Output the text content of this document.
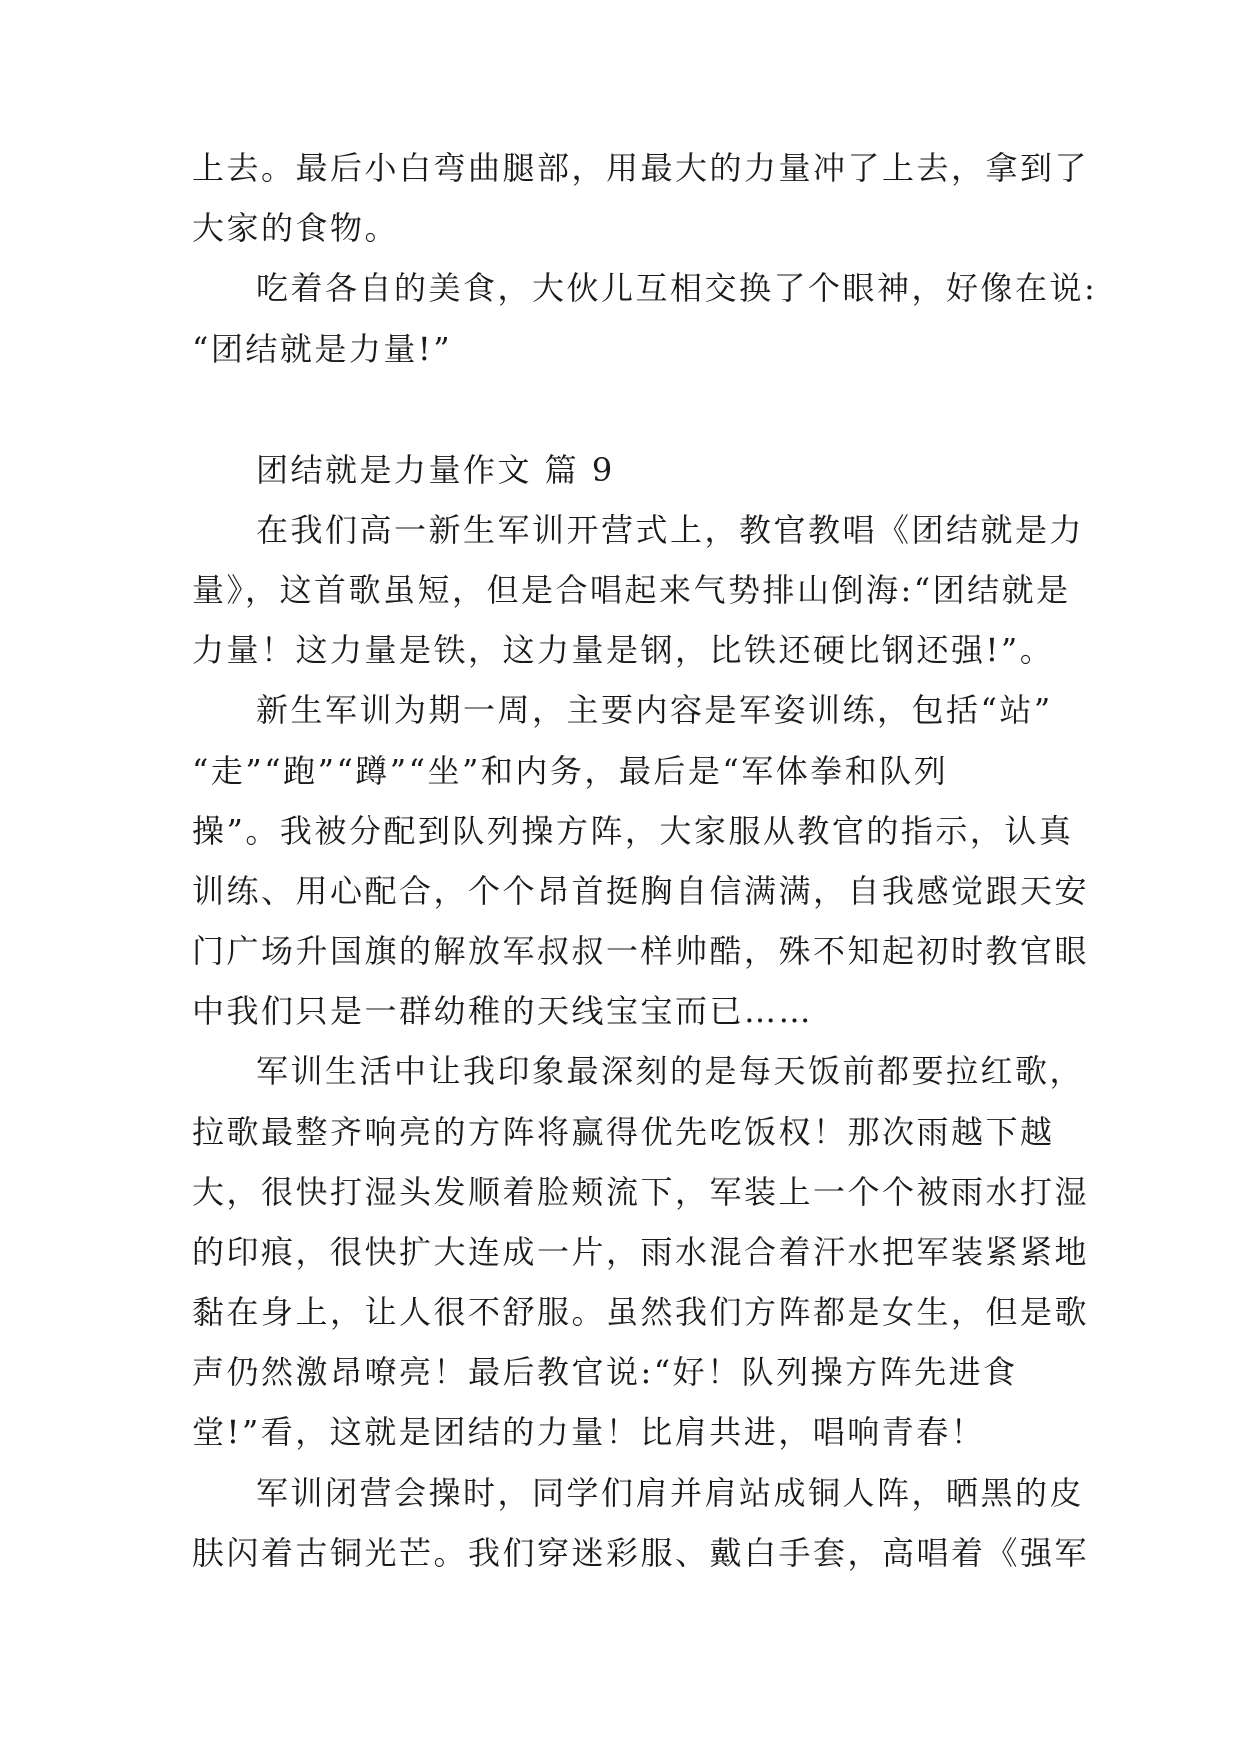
上去。最后小白弯曲腿部，用最大的力量冲了上去，拿到了
大家的食物。
吃着各自的美食，大伙儿互相交换了个眼神，好像在说:
“团结就是力量!”
团结就是力量作文 篇 9
在我们高一新生军训开营式上，教官教唱《团结就是力
量》，这首歌虽短，但是合唱起来气势排山倒海:“团结就是
力量！这力量是铁，这力量是钢，比铁还硬比钢还强!”。
新生军训为期一周，主要内容是军姿训练，包括“站”
“走”“跑”“蹲”“坐”和内务，最后是“军体拳和队列
操”。我被分配到队列操方阵，大家服从教官的指示，认真
训练、用心配合，个个昂首挺胸自信满满，自我感觉跟天安
门广场升国旗的解放军叔叔一样帅酷，殊不知起初时教官眼
中我们只是一群幼稚的天线宝宝而已……
军训生活中让我印象最深刻的是每天饭前都要拉红歌，
拉歌最整齐响亮的方阵将赢得优先吃饭权！那次雨越下越
大，很快打湿头发顺着脸颊流下，军装上一个个被雨水打湿
的印痕，很快扩大连成一片，雨水混合着汗水把军装紧紧地
黏在身上，让人很不舒服。虽然我们方阵都是女生，但是歌
声仍然激昂嘹亮！最后教官说:“好！队列操方阵先进食
堂!”看，这就是团结的力量！比肩共进，唱响青春！
军训闭营会操时，同学们肩并肩站成铜人阵，晒黑的皮
肤闪着古铜光芒。我们穿迷彩服、戴白手套，高唱着《强军
